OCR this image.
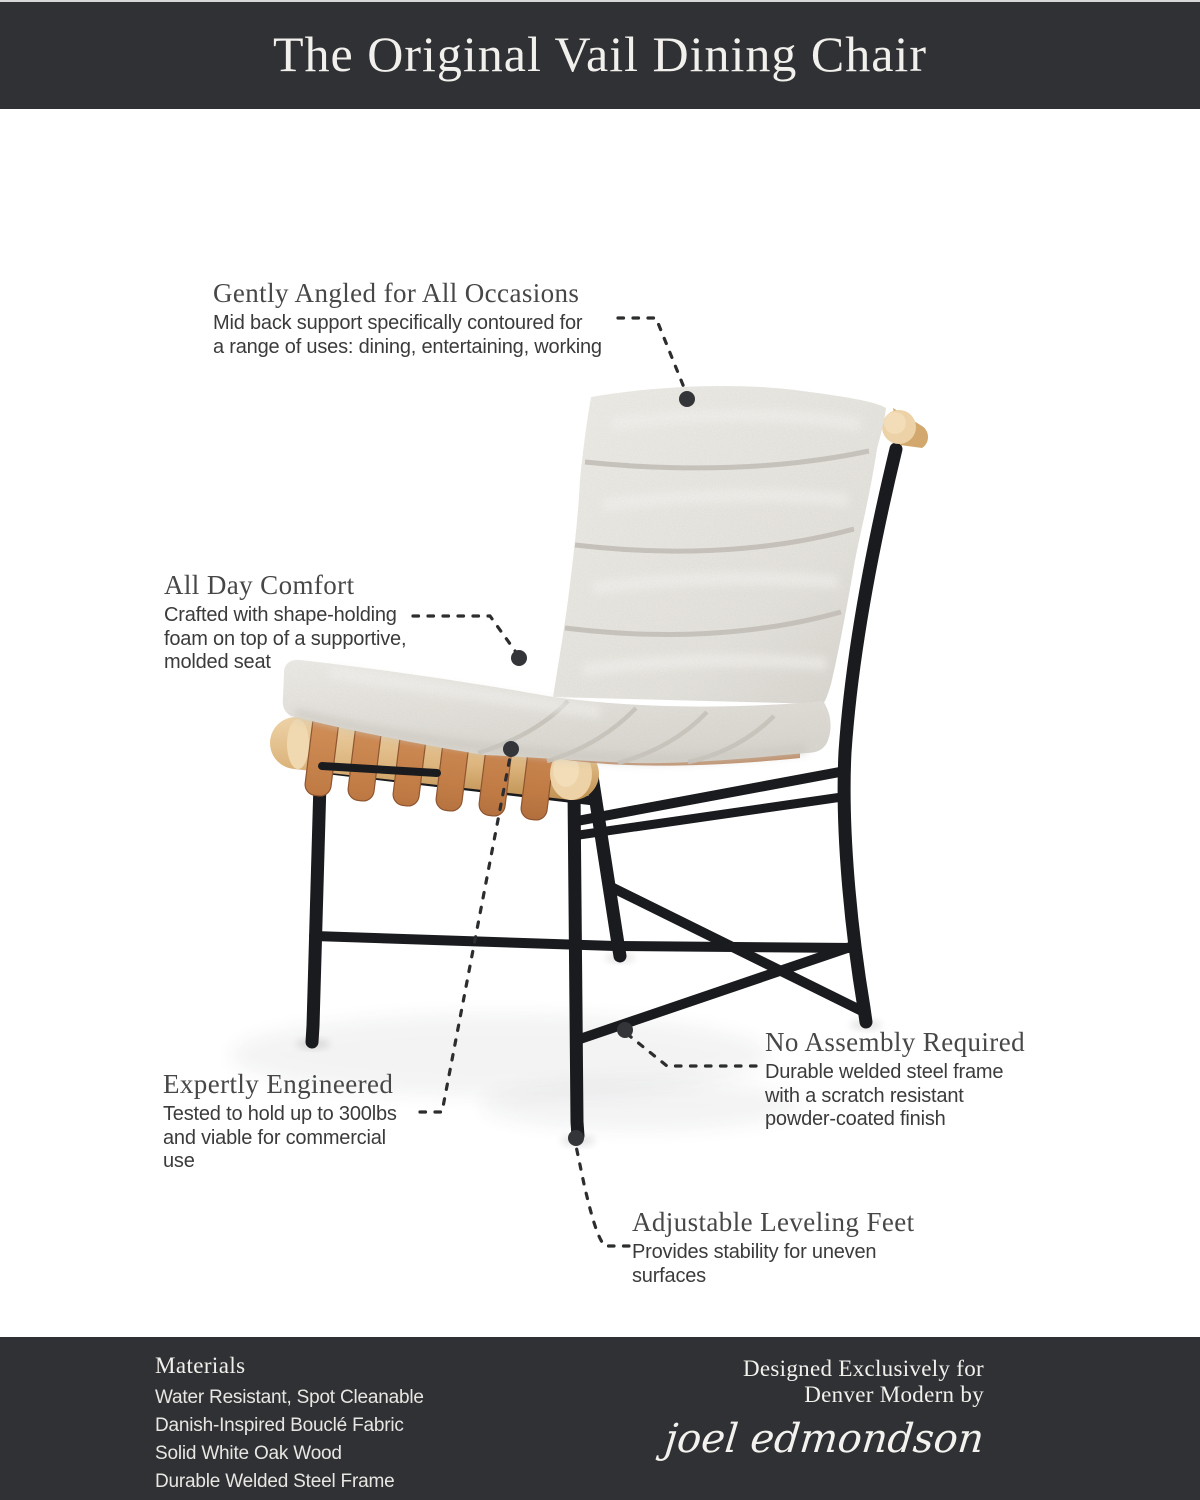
The Original Vail Dining Chair
Gently Angled for All Occasions
Mid back support specifically contoured for
a range of uses: dining, entertaining, working
All Day Comfort
Crafted with shape-holding
foam on top of a supportive,
molded seat
Expertly Engineered
Tested to hold up to 300lbs
and viable for commercial
use
No Assembly Required
Durable welded steel frame
with a scratch resistant
powder-coated finish
Adjustable Leveling Feet
Provides stability for uneven
surfaces
Materials
Water Resistant, Spot Cleanable
Danish-Inspired Bouclé Fabric
Solid White Oak Wood
Durable Welded Steel Frame
Designed Exclusively for
Denver Modern by
joel edmondson
